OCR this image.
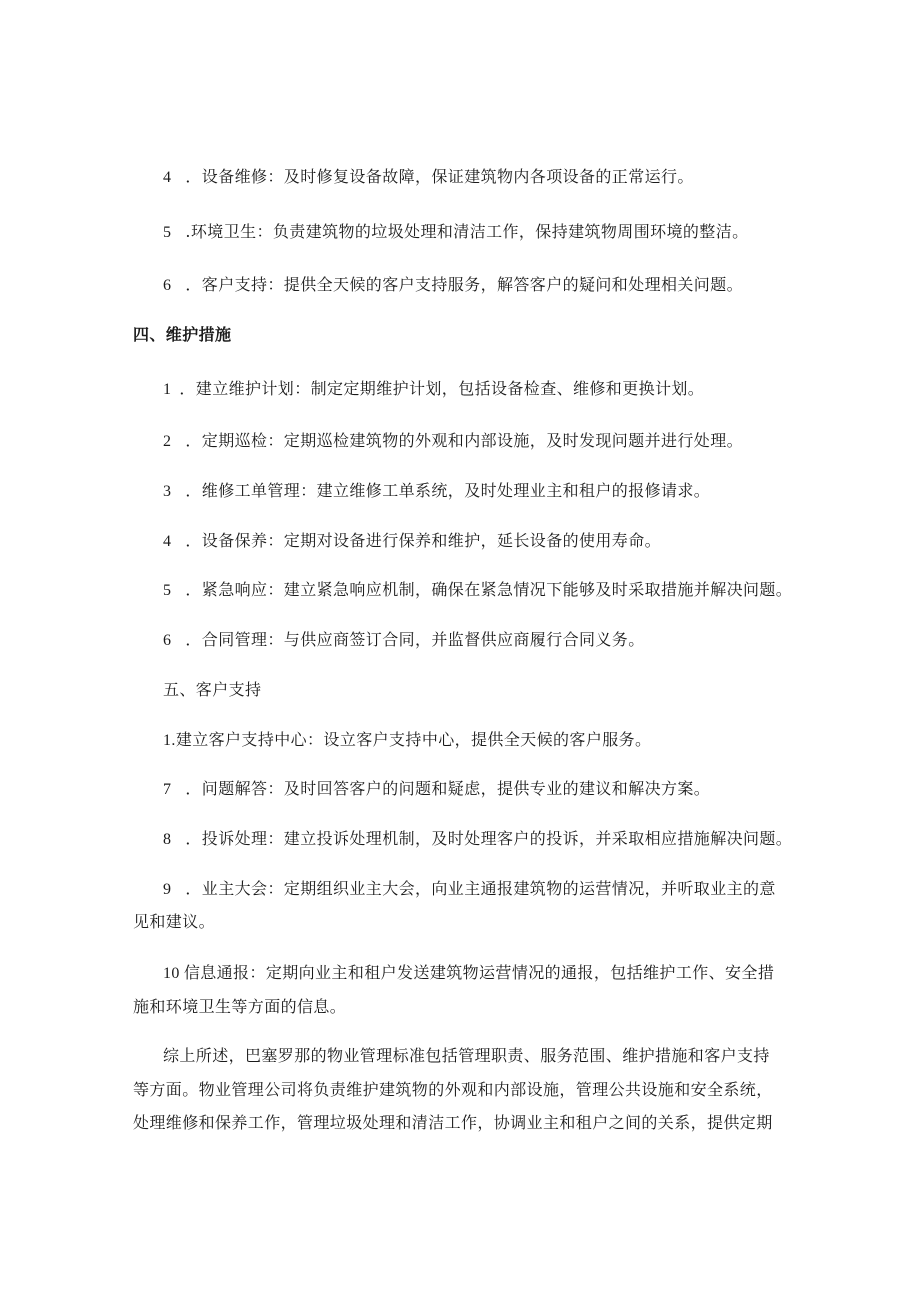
4 ．设备维修：及时修复设备故障，保证建筑物内各项设备的正常运行。
5 .环境卫生：负责建筑物的垃圾处理和清洁工作，保持建筑物周围环境的整洁。
6 ．客户支持：提供全天候的客户支持服务，解答客户的疑问和处理相关问题。
四、维护措施
1 ．建立维护计划：制定定期维护计划，包括设备检查、维修和更换计划。
2 ．定期巡检：定期巡检建筑物的外观和内部设施，及时发现问题并进行处理。
3 ．维修工单管理：建立维修工单系统，及时处理业主和租户的报修请求。
4 ．设备保养：定期对设备进行保养和维护，延长设备的使用寿命。
5 ．紧急响应：建立紧急响应机制，确保在紧急情况下能够及时采取措施并解决问题。
6 ．合同管理：与供应商签订合同，并监督供应商履行合同义务。
五、客户支持
1.建立客户支持中心：设立客户支持中心，提供全天候的客户服务。
7 ．问题解答：及时回答客户的问题和疑虑，提供专业的建议和解决方案。
8 ．投诉处理：建立投诉处理机制，及时处理客户的投诉，并采取相应措施解决问题。
9 ．业主大会：定期组织业主大会，向业主通报建筑物的运营情况，并听取业主的意
见和建议。
10 信息通报：定期向业主和租户发送建筑物运营情况的通报，包括维护工作、安全措
施和环境卫生等方面的信息。
综上所述，巴塞罗那的物业管理标准包括管理职责、服务范围、维护措施和客户支持
等方面。物业管理公司将负责维护建筑物的外观和内部设施，管理公共设施和安全系统，
处理维修和保养工作，管理垃圾处理和清洁工作，协调业主和租户之间的关系，提供定期
